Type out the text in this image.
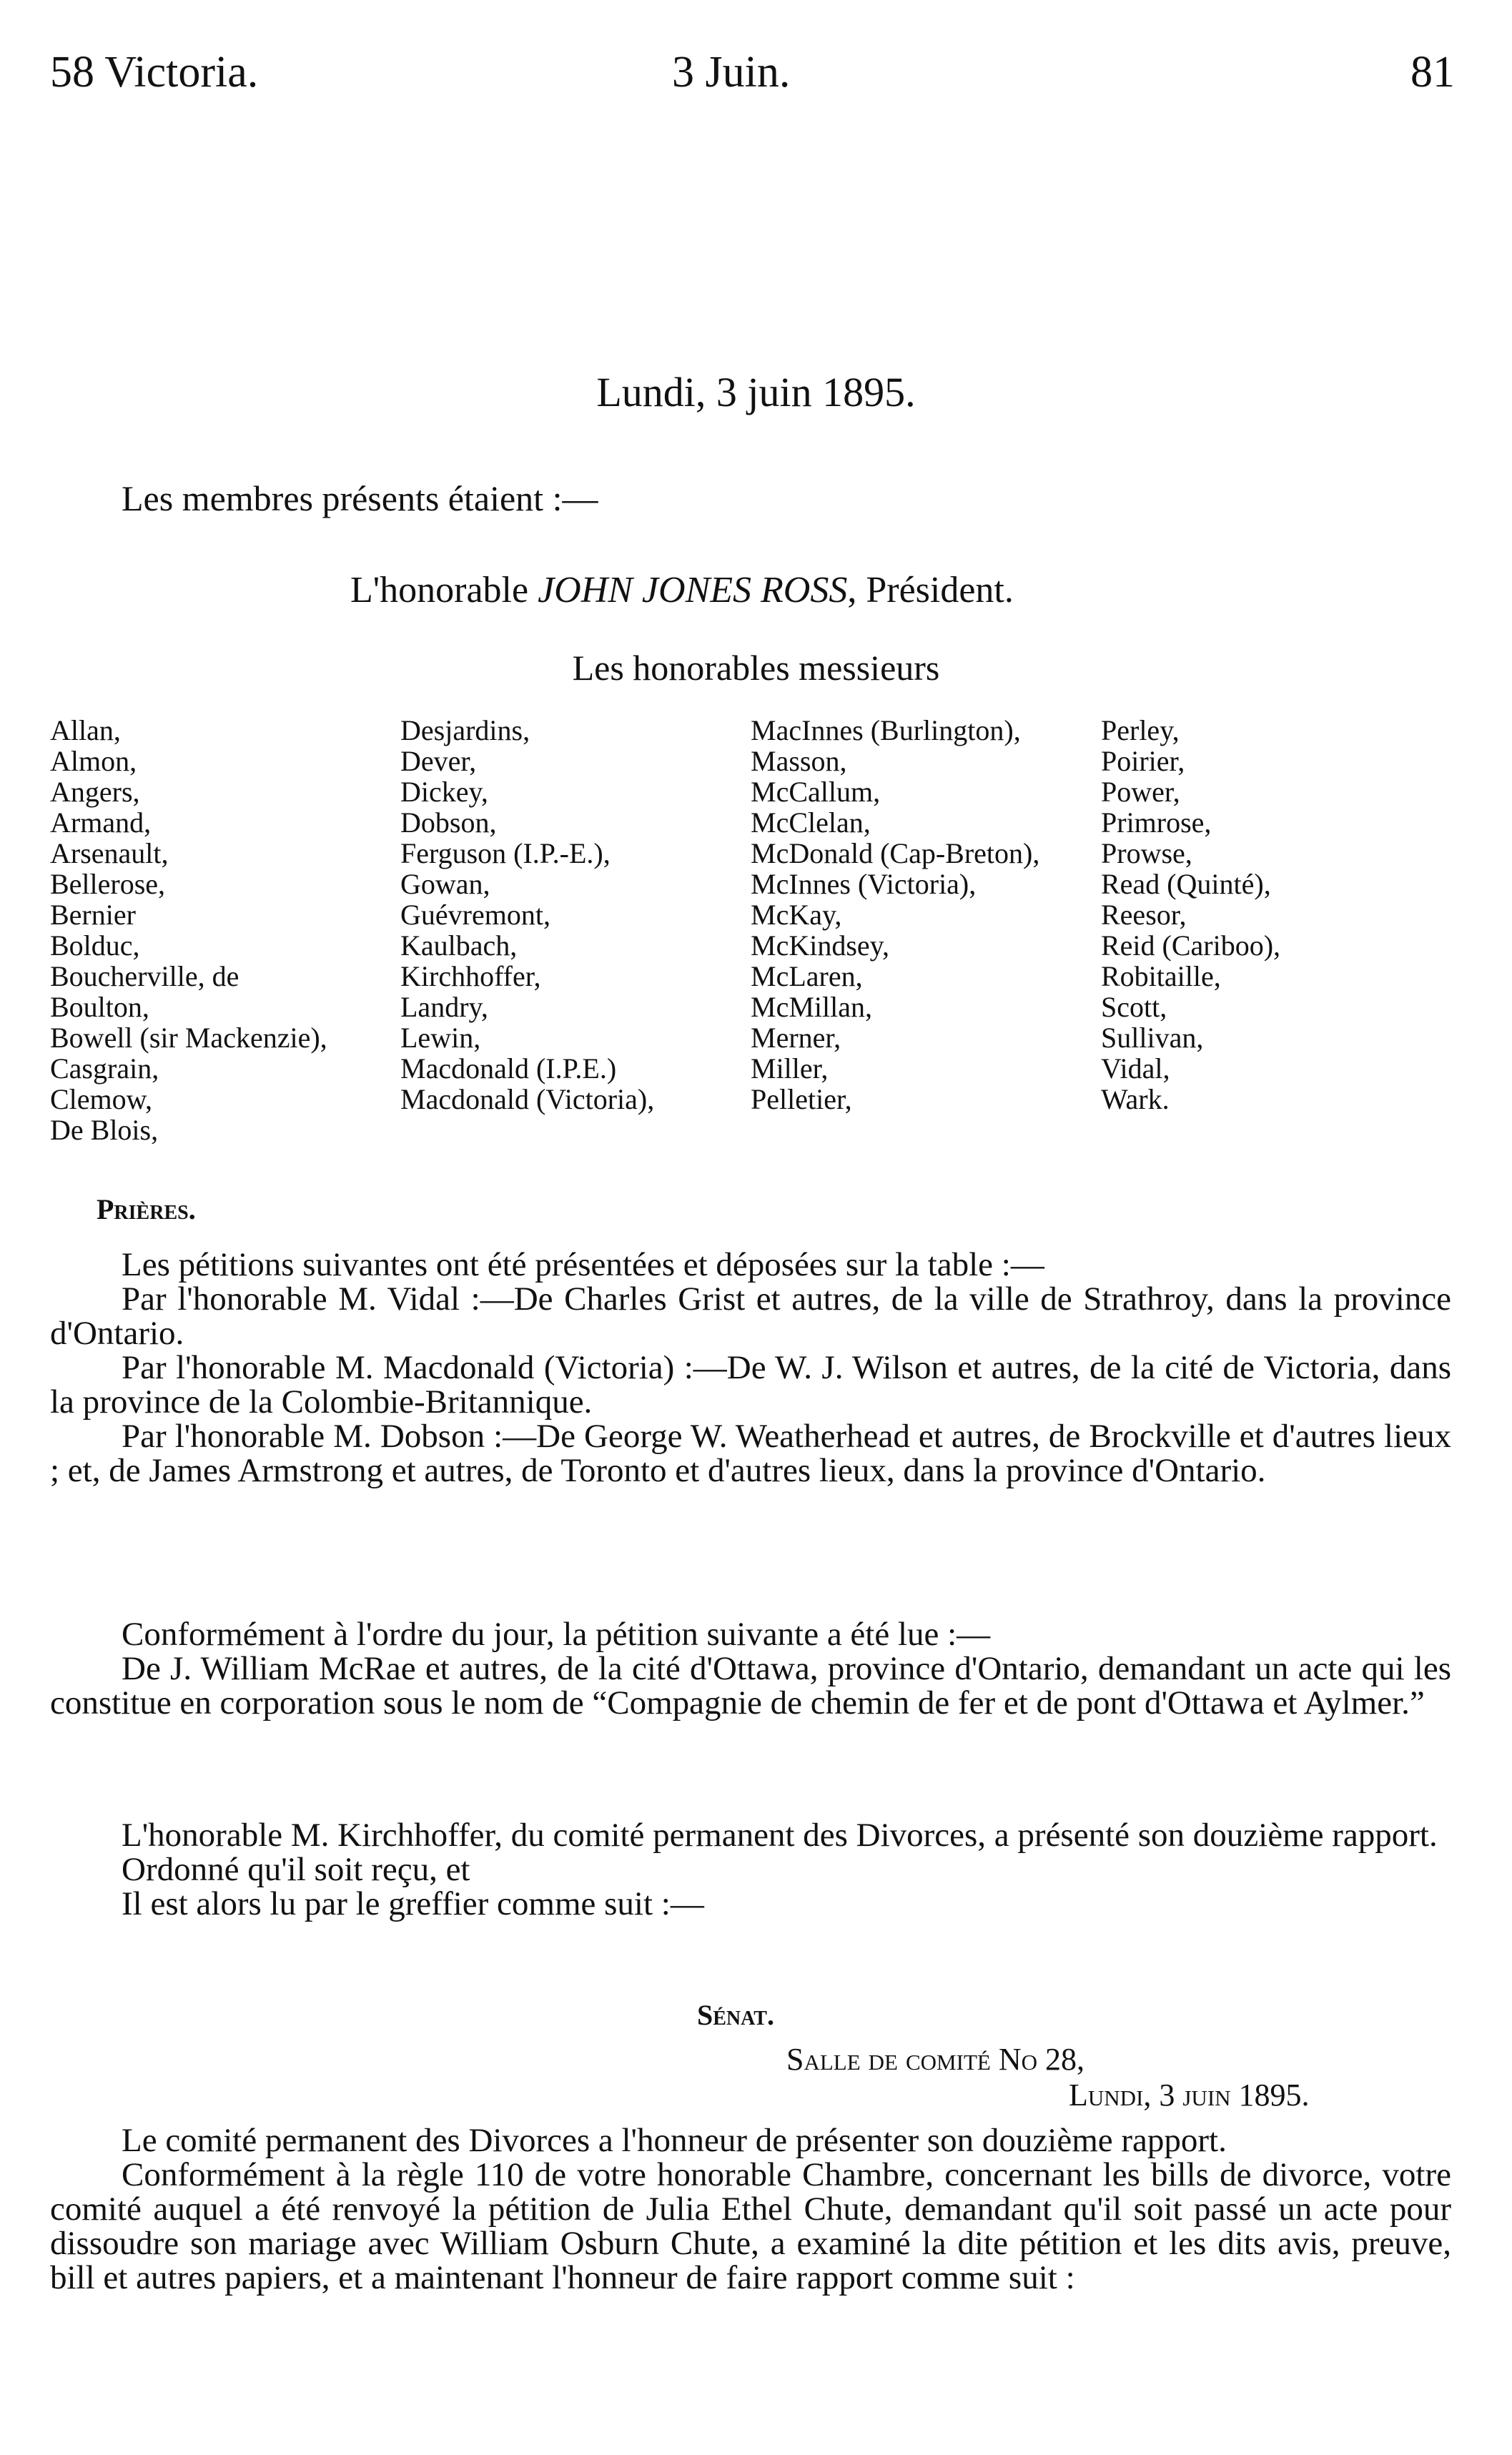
58 Victoria.	3 Juin.	81
Lundi, 3 juin 1895.
Les membres présents étaient :—
L'honorable JOHN JONES ROSS, Président.
Les honorables messieurs
Allan,
Almon,
Angers,
Armand,
Arsenault,
Bellerose,
Bernier
Bolduc,
Boucherville, de
Boulton,
Bowell (sir Mackenzie),
Casgrain,
Clemow,
De Blois,
Desjardins,
Dever,
Dickey,
Dobson,
Ferguson (I.P.-E.),
Gowan,
Guévremont,
Kaulbach,
Kirchhoffer,
Landry,
Lewin,
Macdonald (I.P.E.)
Macdonald (Victoria),
MacInnes (Burlington),
Masson,
McCallum,
McClelan,
McDonald (Cap-Breton),
McInnes (Victoria),
McKay,
McKindsey,
McLaren,
McMillan,
Merner,
Miller,
Pelletier,
Perley,
Poirier,
Power,
Primrose,
Prowse,
Read (Quinté),
Reesor,
Reid (Cariboo),
Robitaille,
Scott,
Sullivan,
Vidal,
Wark.
Prières.

Les pétitions suivantes ont été présentées et déposées sur la table :—

Par l'honorable M. Vidal :—De Charles Grist et autres, de la ville de Strathroy, dans la province d'Ontario.

Par l'honorable M. Macdonald (Victoria) :—De W. J. Wilson et autres, de la cité de Victoria, dans la province de la Colombie-Britannique.

Par l'honorable M. Dobson :—De George W. Weatherhead et autres, de Brockville et d'autres lieux ; et, de James Armstrong et autres, de Toronto et d'autres lieux, dans la province d'Ontario.

Conformément à l'ordre du jour, la pétition suivante a été lue :—

De J. William McRae et autres, de la cité d'Ottawa, province d'Ontario, demandant un acte qui les constitue en corporation sous le nom de “Compagnie de chemin de fer et de pont d'Ottawa et Aylmer.”

L'honorable M. Kirchhoffer, du comité permanent des Divorces, a présenté son douzième rapport.

Ordonné qu'il soit reçu, et

Il est alors lu par le greffier comme suit :—

Sénat.
Salle de comité No 28,
Lundi, 3 juin 1895.

Le comité permanent des Divorces a l'honneur de présenter son douzième rapport.

Conformément à la règle 110 de votre honorable Chambre, concernant les bills de divorce, votre comité auquel a été renvoyé la pétition de Julia Ethel Chute, demandant qu'il soit passé un acte pour dissoudre son mariage avec William Osburn Chute, a examiné la dite pétition et les dits avis, preuve, bill et autres papiers, et a maintenant l'honneur de faire rapport comme suit :
